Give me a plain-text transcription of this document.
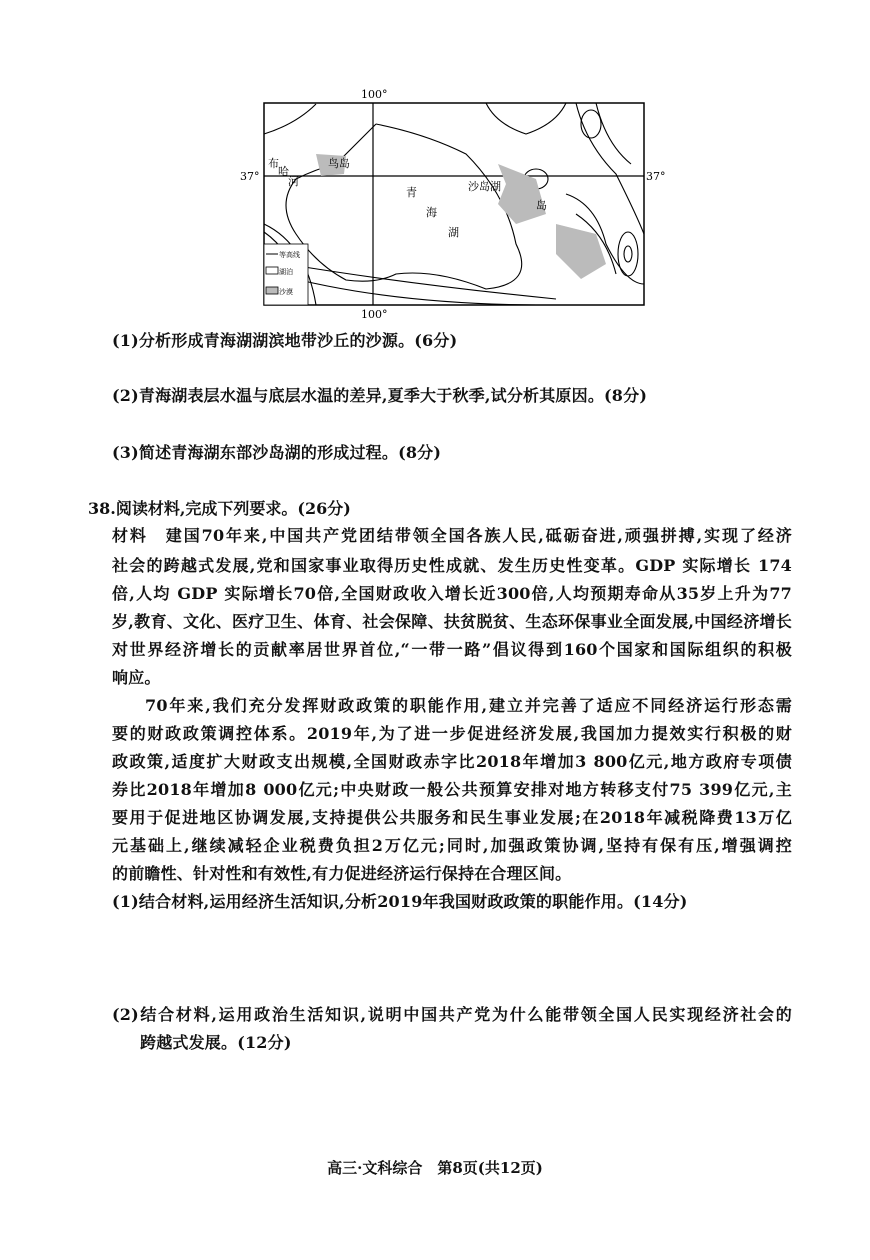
100°
100°
37°	37°
青
海
湖
沙岛湖
布
哈
河
鸟岛
岛
等高线
湖泊
沙漠
(1)分析形成青海湖湖滨地带沙丘的沙源。(6分)
(2)青海湖表层水温与底层水温的差异,夏季大于秋季,试分析其原因。(8分)
(3)简述青海湖东部沙岛湖的形成过程。(8分)
38.阅读材料,完成下列要求。(26分)
材料　建国70年来,中国共产党团结带领全国各族人民,砥砺奋进,顽强拼搏,实现了经济
社会的跨越式发展,党和国家事业取得历史性成就、发生历史性变革。GDP 实际增长 174
倍,人均 GDP 实际增长70倍,全国财政收入增长近300倍,人均预期寿命从35岁上升为77
岁,教育、文化、医疗卫生、体育、社会保障、扶贫脱贫、生态环保事业全面发展,中国经济增长
对世界经济增长的贡献率居世界首位,“一带一路”倡议得到160个国家和国际组织的积极
响应。
70年来,我们充分发挥财政政策的职能作用,建立并完善了适应不同经济运行形态需
要的财政政策调控体系。2019年,为了进一步促进经济发展,我国加力提效实行积极的财
政政策,适度扩大财政支出规模,全国财政赤字比2018年增加3 800亿元,地方政府专项债
券比2018年增加8 000亿元;中央财政一般公共预算安排对地方转移支付75 399亿元,主
要用于促进地区协调发展,支持提供公共服务和民生事业发展;在2018年减税降费13万亿
元基础上,继续减轻企业税费负担2万亿元;同时,加强政策协调,坚持有保有压,增强调控
的前瞻性、针对性和有效性,有力促进经济运行保持在合理区间。
(1)结合材料,运用经济生活知识,分析2019年我国财政政策的职能作用。(14分)
(2)结合材料,运用政治生活知识,说明中国共产党为什么能带领全国人民实现经济社会的
跨越式发展。(12分)
高三·文科综合　第8页(共12页)
